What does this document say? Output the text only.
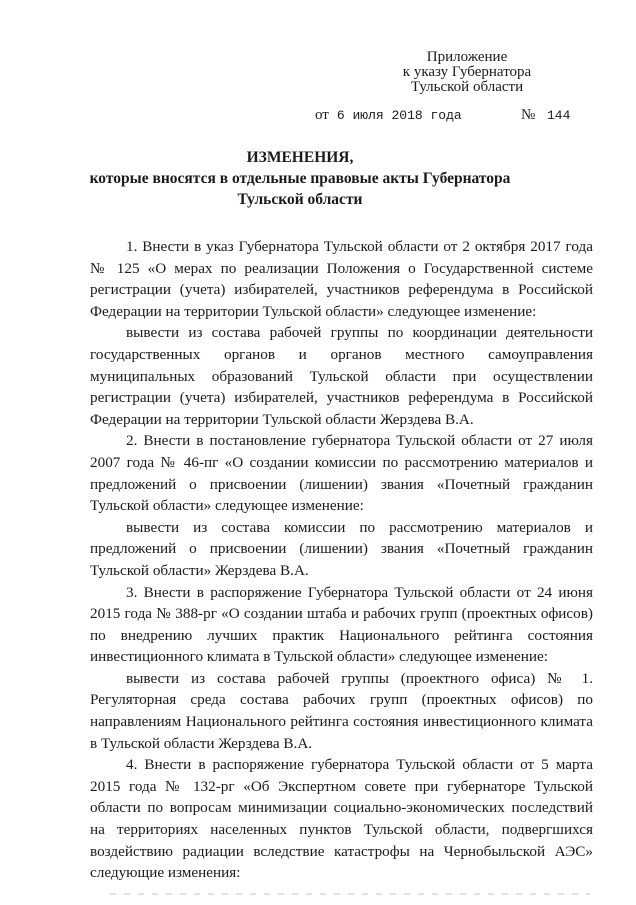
Приложение
к указу Губернатора
Тульской области
от 6 июля 2018 года	№ 144
ИЗМЕНЕНИЯ,
которые вносятся в отдельные правовые акты Губернатора
Тульской области

1. Внести в указ Губернатора Тульской области от 2 октября 2017 года № 125 «О мерах по реализации Положения о Государственной системе регистрации (учета) избирателей, участников референдума в Российской Федерации на территории Тульской области» следующее изменение:

вывести из состава рабочей группы по координации деятельности государственных органов и органов местного самоуправления муниципальных образований Тульской области при осуществлении регистрации (учета) избирателей, участников референдума в Российской Федерации на территории Тульской области Жерздева В.А.

2. Внести в постановление губернатора Тульской области от 27 июля 2007 года № 46-пг «О создании комиссии по рассмотрению материалов и предложений о присвоении (лишении) звания «Почетный гражданин Тульской области» следующее изменение:

вывести из состава комиссии по рассмотрению материалов и предложений о присвоении (лишении) звания «Почетный гражданин Тульской области» Жерздева В.А.

3. Внести в распоряжение Губернатора Тульской области от 24 июня 2015 года № 388-рг «О создании штаба и рабочих групп (проектных офисов) по внедрению лучших практик Национального рейтинга состояния инвестиционного климата в Тульской области» следующее изменение:

вывести из состава рабочей группы (проектного офиса) № 1. Регуляторная среда состава рабочих групп (проектных офисов) по направлениям Национального рейтинга состояния инвестиционного климата в Тульской области Жерздева В.А.

4. Внести в распоряжение губернатора Тульской области от 5 марта 2015 года № 132-рг «Об Экспертном совете при губернаторе Тульской области по вопросам минимизации социально-экономических последствий на территориях населенных пунктов Тульской области, подвергшихся воздействию радиации вследствие катастрофы на Чернобыльской АЭС» следующие изменения:
